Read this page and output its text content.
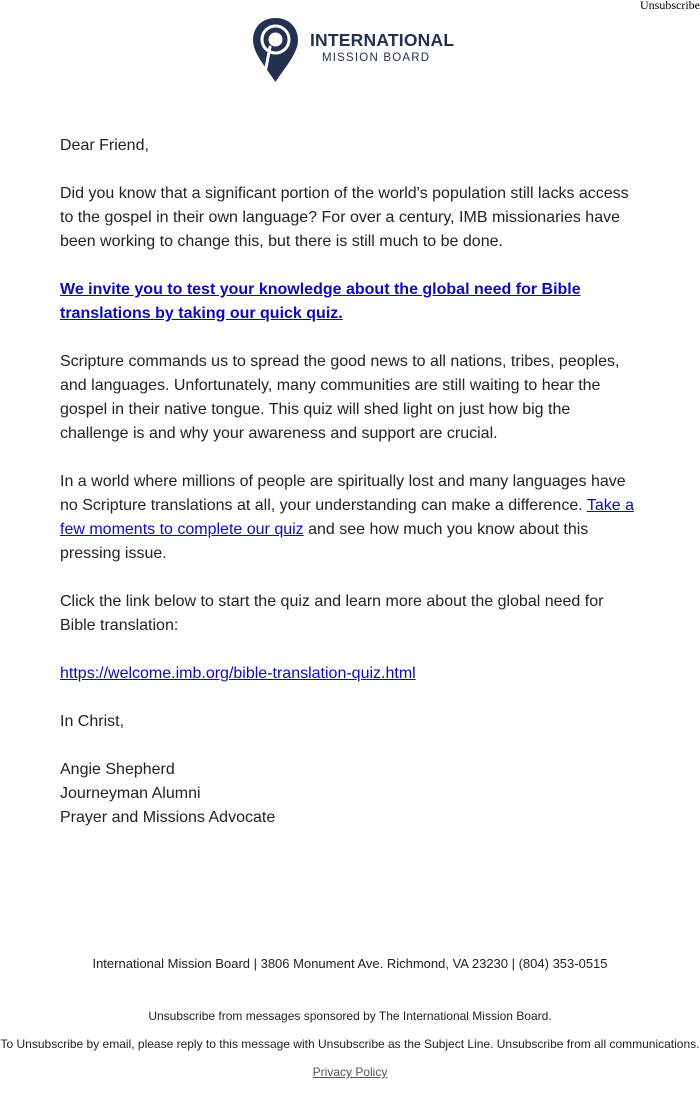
Unsubscribe
INTERNATIONAL
MISSION BOARD

Dear Friend,

Did you know that a significant portion of the world's population still lacks access to the gospel in their own language? For over a century, IMB missionaries have been working to change this, but there is still much to be done.

We invite you to test your knowledge about the global need for Bible translations by taking our quick quiz.

Scripture commands us to spread the good news to all nations, tribes, peoples, and languages. Unfortunately, many communities are still waiting to hear the gospel in their native tongue. This quiz will shed light on just how big the challenge is and why your awareness and support are crucial.

In a world where millions of people are spiritually lost and many languages have no Scripture translations at all, your understanding can make a difference. Take a few moments to complete our quiz and see how much you know about this pressing issue.

Click the link below to start the quiz and learn more about the global need for Bible translation:

https://welcome.imb.org/bible-translation-quiz.html

In Christ,

Angie Shepherd
Journeyman Alumni
Prayer and Missions Advocate

International Mission Board | 3806 Monument Ave. Richmond, VA 23230 | (804) 353-0515
Unsubscribe from messages sponsored by The International Mission Board.
To Unsubscribe by email, please reply to this message with Unsubscribe as the Subject Line. Unsubscribe from all communications.
Privacy Policy
